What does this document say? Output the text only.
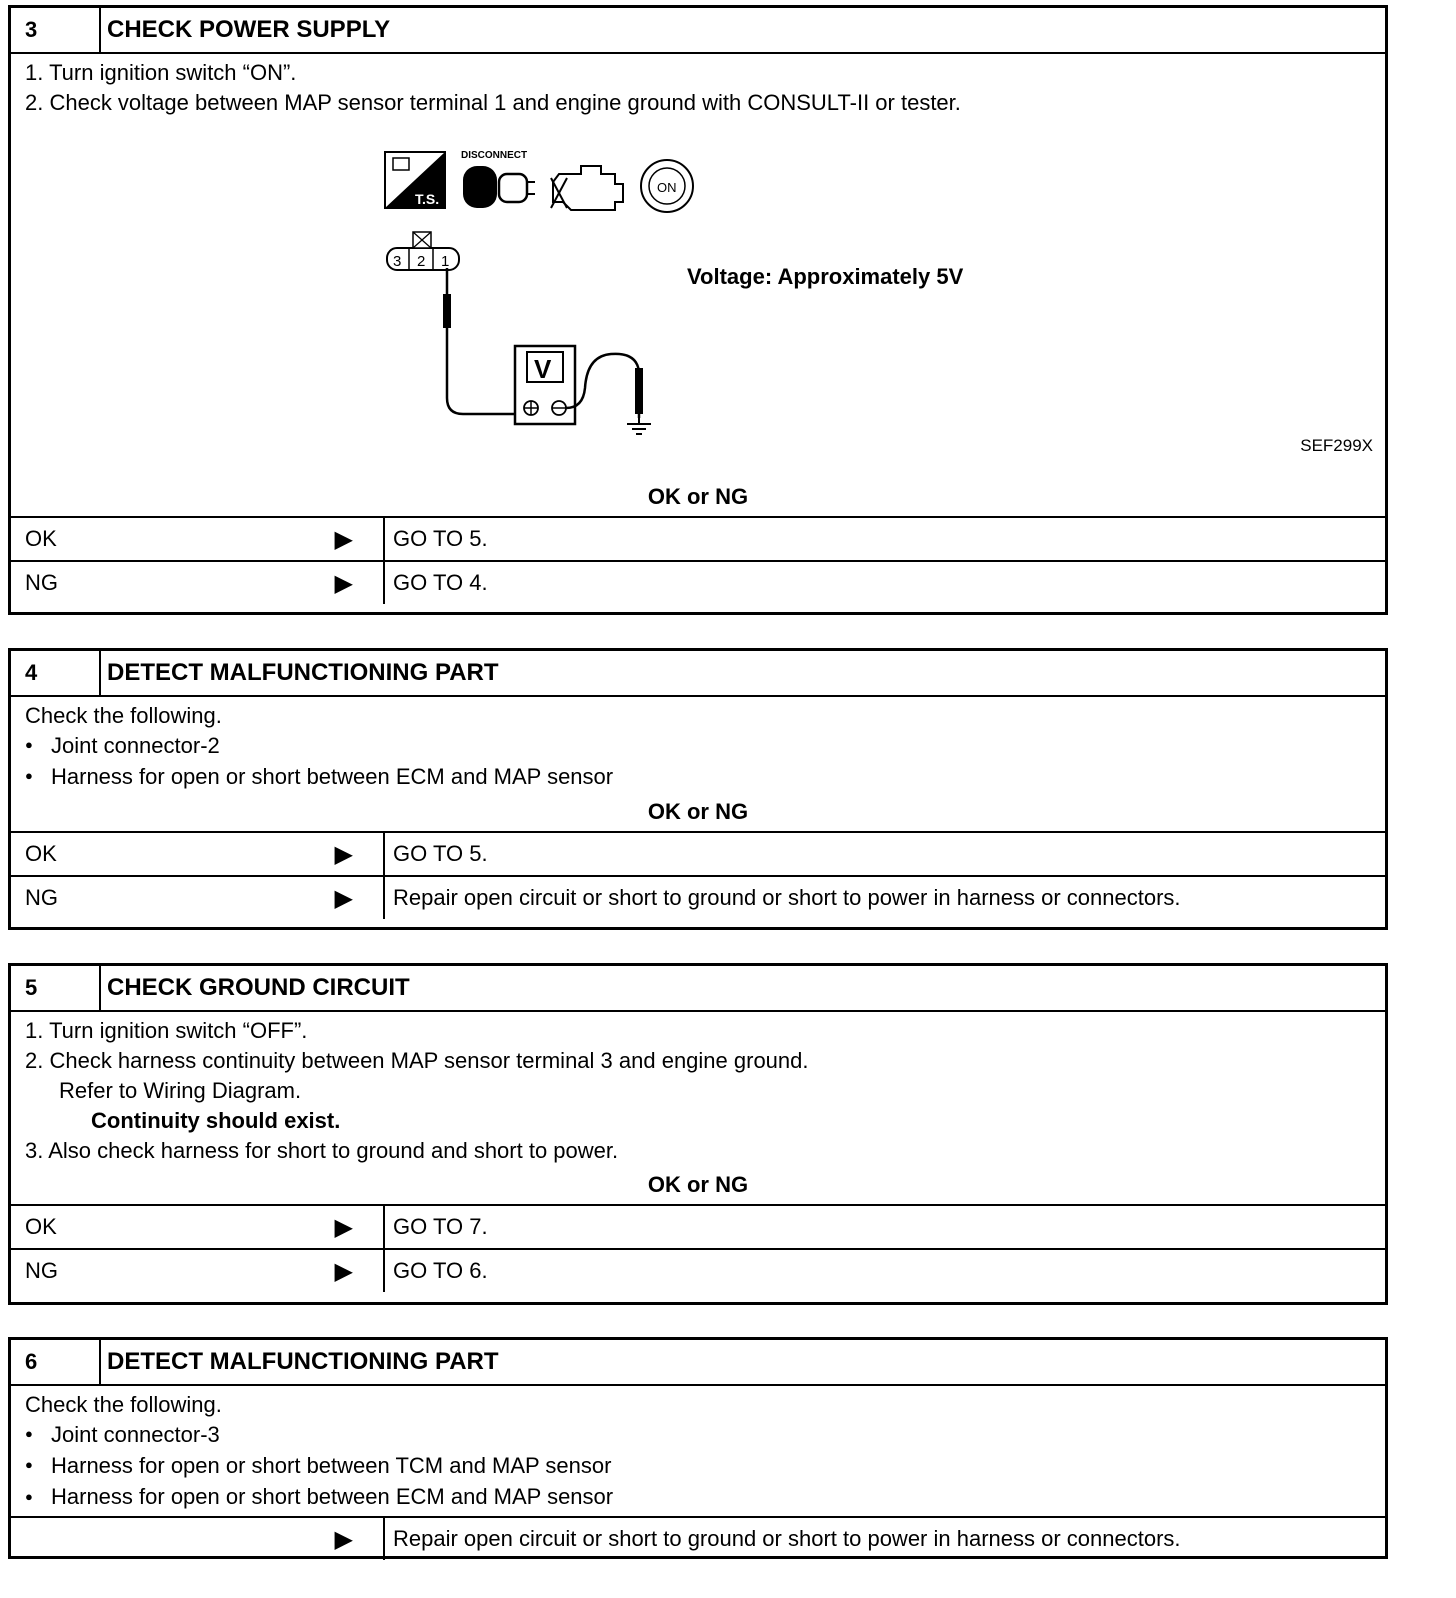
3	CHECK POWER SUPPLY
1. Turn ignition switch “ON”.
2. Check voltage between MAP sensor terminal 1 and engine ground with CONSULT-II or tester.
T.S.
DISCONNECT
ON
3 2 1
V
Voltage: Approximately 5V
SEF299X
OK or NG
OK	▶	GO TO 5.
NG	▶	GO TO 4.
4	DETECT MALFUNCTIONING PART
Check the following.
● Joint connector-2
● Harness for open or short between ECM and MAP sensor
OK or NG
OK	▶	GO TO 5.
NG	▶	Repair open circuit or short to ground or short to power in harness or connectors.
5	CHECK GROUND CIRCUIT
1. Turn ignition switch “OFF”.
2. Check harness continuity between MAP sensor terminal 3 and engine ground.
Refer to Wiring Diagram.
Continuity should exist.
3. Also check harness for short to ground and short to power.
OK or NG
OK	▶	GO TO 7.
NG	▶	GO TO 6.
6	DETECT MALFUNCTIONING PART
Check the following.
● Joint connector-3
● Harness for open or short between TCM and MAP sensor
● Harness for open or short between ECM and MAP sensor
▶	Repair open circuit or short to ground or short to power in harness or connectors.
